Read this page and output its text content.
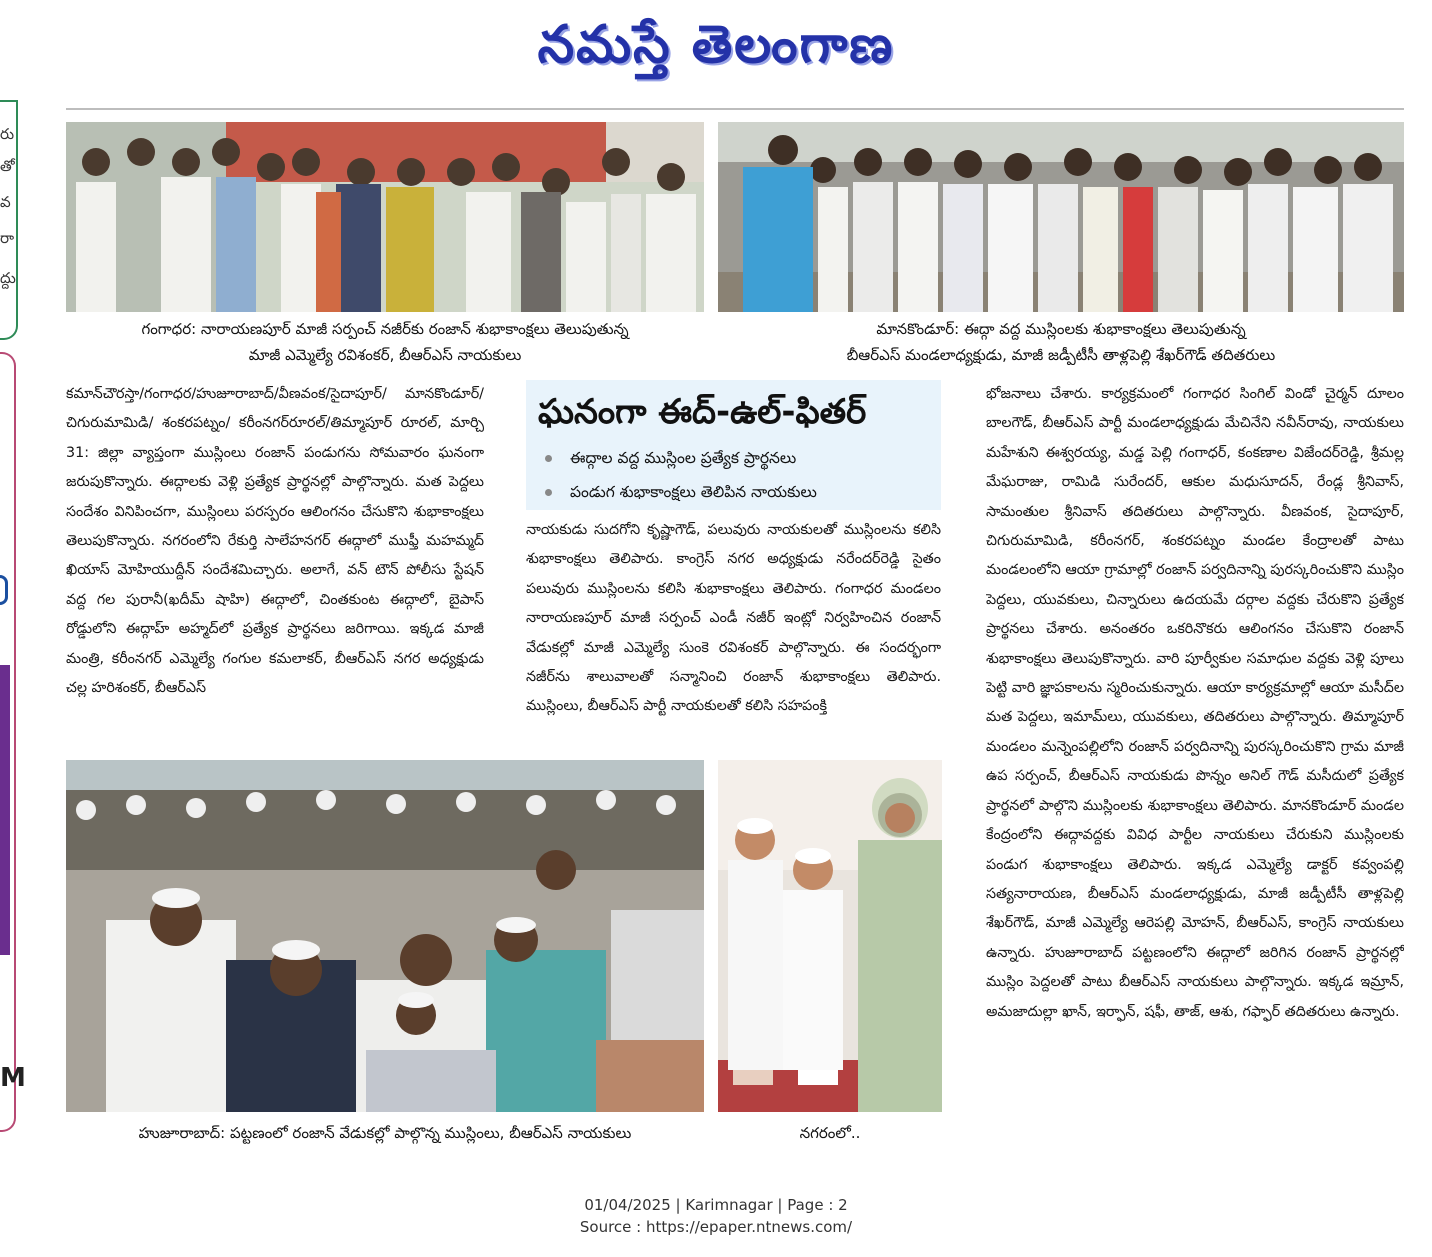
నమస్తే తెలంగాణ
రు
తో
వ
రా
ద్దు
M
గంగాధర: నారాయణపూర్ మాజీ సర్పంచ్ నజీర్‌కు రంజాన్ శుభాకాంక్షలు తెలుపుతున్న
మాజీ ఎమ్మెల్యే రవిశంకర్, బీఆర్ఎస్ నాయకులు
మానకొండూర్: ఈద్గా వద్ద ముస్లింలకు శుభాకాంక్షలు తెలుపుతున్న
బీఆర్ఎస్ మండలాధ్యక్షుడు, మాజీ జడ్పీటీసీ తాళ్లపెల్లి శేఖర్‌గౌడ్ తదితరులు
ఘనంగా ఈద్-ఉల్-ఫితర్
ఈద్గాల వద్ద ముస్లింల ప్రత్యేక ప్రార్థనలు
పండుగ శుభాకాంక్షలు తెలిపిన నాయకులు
కమాన్‌చౌరస్తా/గంగాధర/హుజూరాబాద్/వీణవంక/సైదాపూర్/ మానకొండూర్/ చిగురుమామిడి/ శంకరపట్నం/ కరీంనగర్‌రూరల్/తిమ్మాపూర్ రూరల్, మార్చి 31: జిల్లా వ్యాప్తంగా ముస్లింలు రంజాన్ పండుగను సోమవారం ఘనంగా జరుపుకొన్నారు. ఈద్గాలకు వెళ్లి ప్రత్యేక ప్రార్థనల్లో పాల్గొన్నారు. మత పెద్దలు సందేశం వినిపించగా, ముస్లింలు పరస్పరం ఆలింగనం చేసుకొని శుభాకాంక్షలు తెలుపుకొన్నారు. నగరంలోని రేకుర్తి సాలేహనగర్ ఈద్గాలో ముఫ్తీ మహమ్మద్ ఖియాస్ మోహియుద్దీన్ సందేశమిచ్చారు. అలాగే, వన్ టౌన్ పోలీసు స్టేషన్ వద్ద గల పురానీ(ఖదీమ్ షాహి) ఈద్గాలో, చింతకుంట ఈద్గాలో, బైపాస్ రోడ్డులోని ఈద్గాహ్ అహ్మద్‌లో ప్రత్యేక ప్రార్థనలు జరిగాయి. ఇక్కడ మాజీ మంత్రి, కరీంనగర్ ఎమ్మెల్యే గంగుల కమలాకర్, బీఆర్ఎస్ నగర అధ్యక్షుడు చల్ల హరిశంకర్, బీఆర్ఎస్
నాయకుడు సుదగోని కృష్ణాగౌడ్, పలువురు నాయకులతో ముస్లింలను కలిసి శుభాకాంక్షలు తెలిపారు. కాంగ్రెస్ నగర అధ్యక్షుడు నరేందర్‌రెడ్డి సైతం పలువురు ముస్లింలను కలిసి శుభాకాంక్షలు తెలిపారు. గంగాధర మండలం నారాయణపూర్ మాజీ సర్పంచ్ ఎండీ నజీర్ ఇంట్లో నిర్వహించిన రంజాన్ వేడుకల్లో మాజీ ఎమ్మెల్యే సుంకె రవిశంకర్ పాల్గొన్నారు. ఈ సందర్భంగా నజీర్‌ను శాలువాలతో సన్మానించి రంజాన్ శుభాకాంక్షలు తెలిపారు. ముస్లింలు, బీఆర్ఎస్ పార్టీ నాయకులతో కలిసి సహపంక్తి
భోజనాలు చేశారు. కార్యక్రమంలో గంగాధర సింగిల్ విండో చైర్మన్ దూలం బాలగౌడ్, బీఆర్ఎస్ పార్టీ మండలాధ్యక్షుడు మేచినేని నవీన్‌రావు, నాయకులు మహేశుని ఈశ్వరయ్య, మడ్డ పెల్లి గంగాధర్, కంకణాల విజేందర్‌రెడ్డి, శ్రీమల్ల మేఘరాజు, రామిడి సురేందర్, ఆకుల మధుసూదన్, రేండ్ల శ్రీనివాస్, సామంతుల శ్రీనివాస్ తదితరులు పాల్గొన్నారు. వీణవంక, సైదాపూర్, చిగురుమామిడి, కరీంనగర్, శంకరపట్నం మండల కేంద్రాలతో పాటు మండలంలోని ఆయా గ్రామాల్లో రంజాన్ పర్వదినాన్ని పురస్కరించుకొని ముస్లిం పెద్దలు, యువకులు, చిన్నారులు ఉదయమే దర్గాల వద్దకు చేరుకొని ప్రత్యేక ప్రార్థనలు చేశారు. అనంతరం ఒకరినొకరు ఆలింగనం చేసుకొని రంజాన్ శుభాకాంక్షలు తెలుపుకొన్నారు. వారి పూర్వీకుల సమాధుల వద్దకు వెళ్లి పూలు పెట్టి వారి జ్ఞాపకాలను స్మరించుకున్నారు. ఆయా కార్యక్రమాల్లో ఆయా మసీద్‌ల మత పెద్దలు, ఇమామ్‌లు, యువకులు, తదితరులు పాల్గొన్నారు. తిమ్మాపూర్ మండలం మన్నెంపల్లిలోని రంజాన్ పర్వదినాన్ని పురస్కరించుకొని గ్రామ మాజీ ఉప సర్పంచ్, బీఆర్ఎస్ నాయకుడు పొన్నం అనిల్ గౌడ్ మసీదులో ప్రత్యేక ప్రార్థనలో పాల్గొని ముస్లింలకు శుభాకాంక్షలు తెలిపారు. మానకొండూర్ మండల కేంద్రంలోని ఈద్గావద్దకు వివిధ పార్టీల నాయకులు చేరుకుని ముస్లింలకు పండుగ శుభాకాంక్షలు తెలిపారు. ఇక్కడ ఎమ్మెల్యే డాక్టర్ కవ్వంపల్లి సత్యనారాయణ, బీఆర్ఎస్ మండలాధ్యక్షుడు, మాజీ జడ్పీటీసీ తాళ్లపెల్లి శేఖర్‌గౌడ్, మాజీ ఎమ్మెల్యే ఆరెపల్లి మోహన్, బీఆర్ఎస్, కాంగ్రెస్ నాయకులు ఉన్నారు. హుజూరాబాద్ పట్టణంలోని ఈద్గాలో జరిగిన రంజాన్ ప్రార్థనల్లో ముస్లిం పెద్దలతో పాటు బీఆర్ఎస్ నాయకులు పాల్గొన్నారు. ఇక్కడ ఇమ్రాన్, అమజాదుల్లా ఖాన్, ఇర్ఫాన్, షఫీ, తాజ్, ఆశు, గఫ్ఫార్ తదితరులు ఉన్నారు.
హుజూరాబాద్: పట్టణంలో రంజాన్ వేడుకల్లో పాల్గొన్న ముస్లింలు, బీఆర్ఎస్ నాయకులు	నగరంలో..
01/04/2025 | Karimnagar | Page : 2
Source : https://epaper.ntnews.com/
